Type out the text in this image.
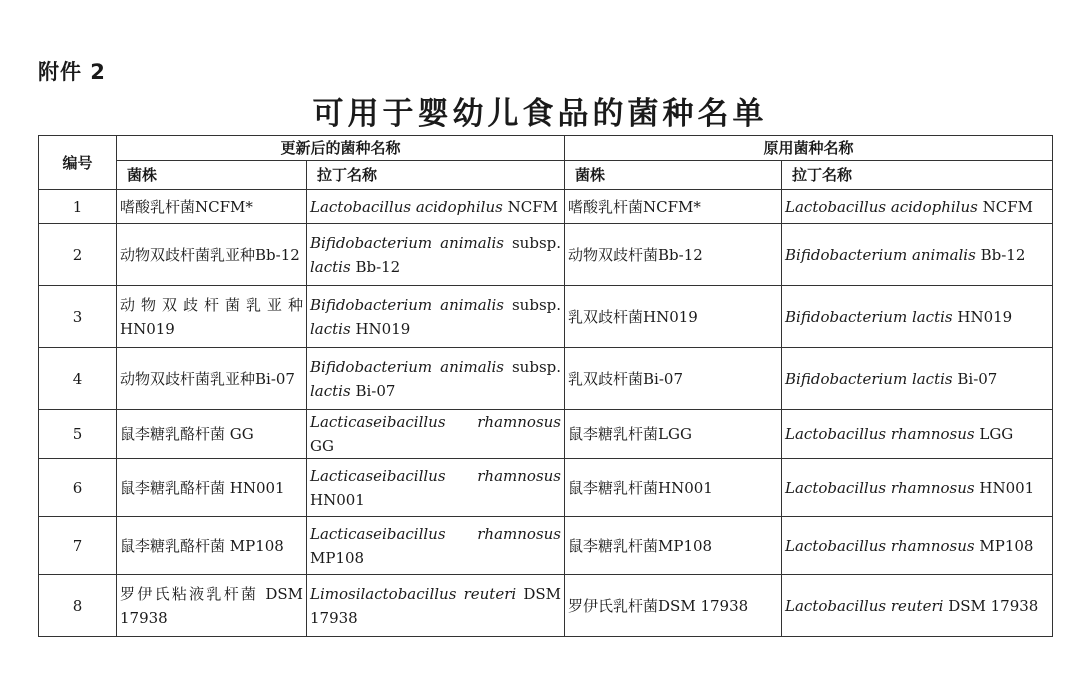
附件 2
可用于婴幼儿食品的菌种名单
编号	更新后的菌种名称		原用菌种名称	
	菌株	拉丁名称	菌株	拉丁名称
1	嗜酸乳杆菌NCFM*	Lactobacillus acidophilus NCFM	嗜酸乳杆菌NCFM*	Lactobacillus acidophilus NCFM
2	动物双歧杆菌乳亚种Bb-12	Bifidobacterium animalis subsp. lactis Bb-12	动物双歧杆菌Bb-12	Bifidobacterium animalis Bb-12
3	动物双歧杆菌乳亚种HN019	Bifidobacterium animalis subsp. lactis HN019	乳双歧杆菌HN019	Bifidobacterium lactis HN019
4	动物双歧杆菌乳亚种Bi-07	Bifidobacterium animalis subsp. lactis Bi-07	乳双歧杆菌Bi-07	Bifidobacterium lactis Bi-07
5	鼠李糖乳酪杆菌 GG	Lacticaseibacillus rhamnosus GG	鼠李糖乳杆菌LGG	Lactobacillus rhamnosus LGG
6	鼠李糖乳酪杆菌 HN001	Lacticaseibacillus rhamnosus HN001	鼠李糖乳杆菌HN001	Lactobacillus rhamnosus HN001
7	鼠李糖乳酪杆菌 MP108	Lacticaseibacillus rhamnosus MP108	鼠李糖乳杆菌MP108	Lactobacillus rhamnosus MP108
8	罗伊氏粘液乳杆菌 DSM 17938	Limosilactobacillus reuteri DSM 17938	罗伊氏乳杆菌DSM 17938	Lactobacillus reuteri DSM 17938
